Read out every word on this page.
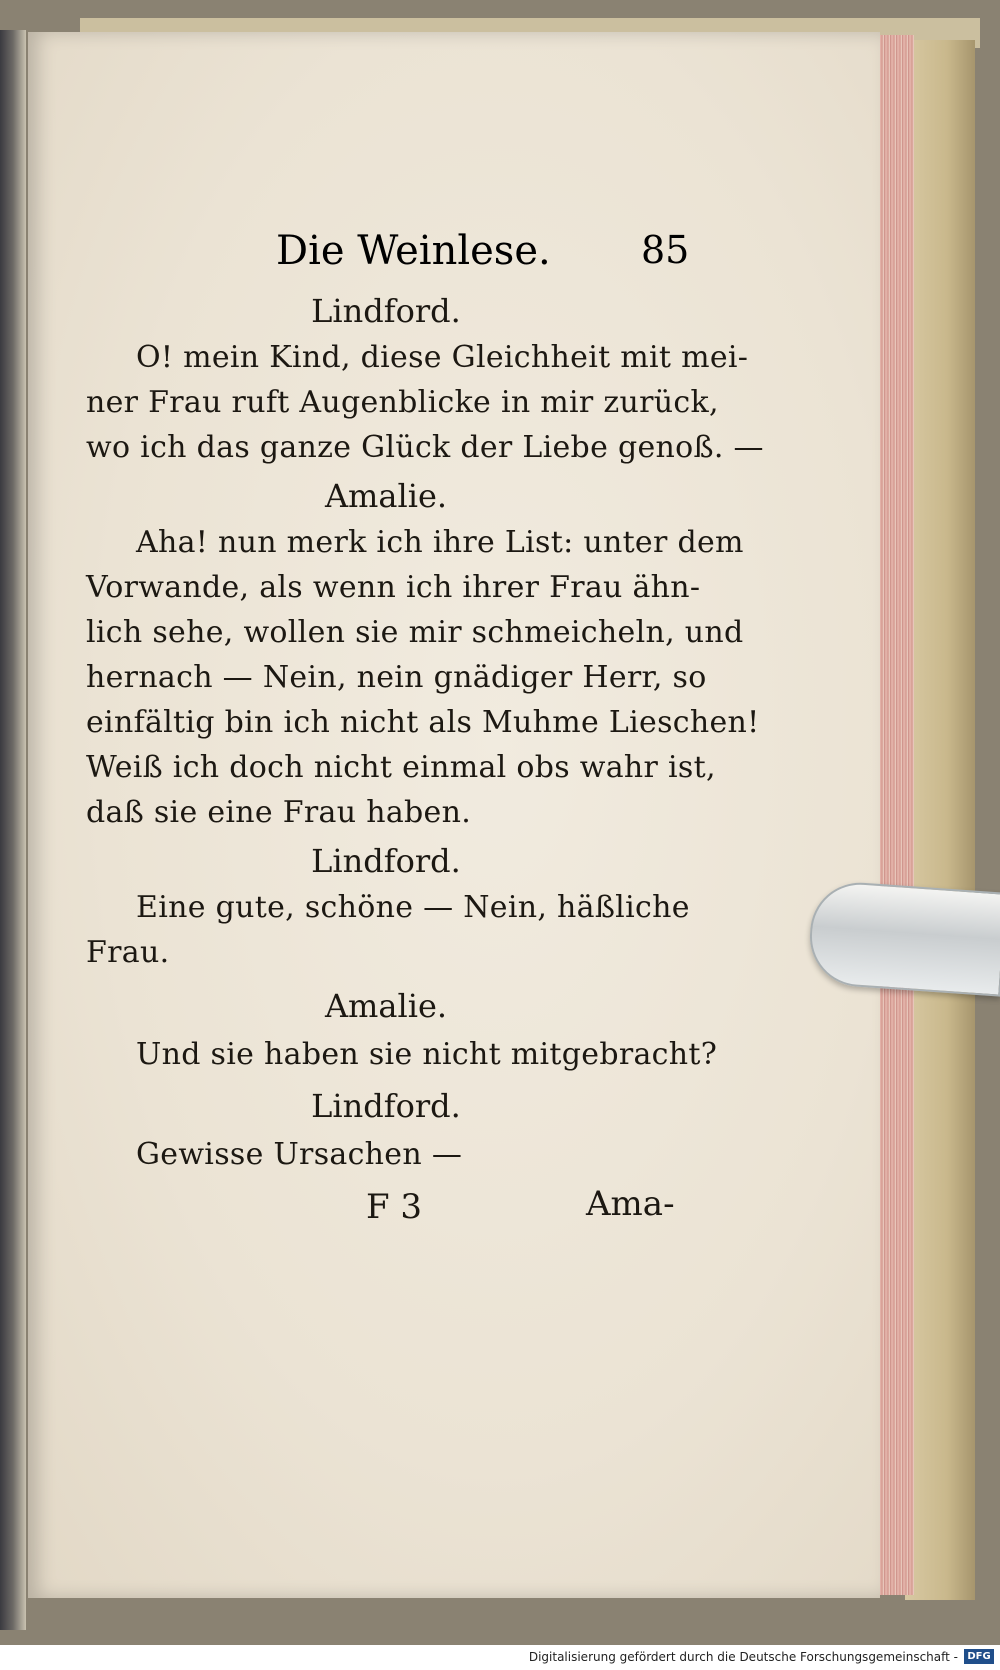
Die Weinlese. 85
Lindford.
O! mein Kind, diese Gleichheit mit mei-
ner Frau ruft Augenblicke in mir zurück,
wo ich das ganze Glück der Liebe genoß. —
Amalie.
Aha! nun merk ich ihre List: unter dem
Vorwande, als wenn ich ihrer Frau ähn-
lich sehe, wollen sie mir schmeicheln, und
hernach — Nein, nein gnädiger Herr, so
einfältig bin ich nicht als Muhme Lieschen!
Weiß ich doch nicht einmal obs wahr ist,
daß sie eine Frau haben.
Lindford.
Eine gute, schöne — Nein, häßliche
Frau.
Amalie.
Und sie haben sie nicht mitgebracht?
Lindford.
Gewisse Ursachen —
F 3	Ama-
Digitalisierung gefördert durch die Deutsche Forschungsgemeinschaft - DFG
